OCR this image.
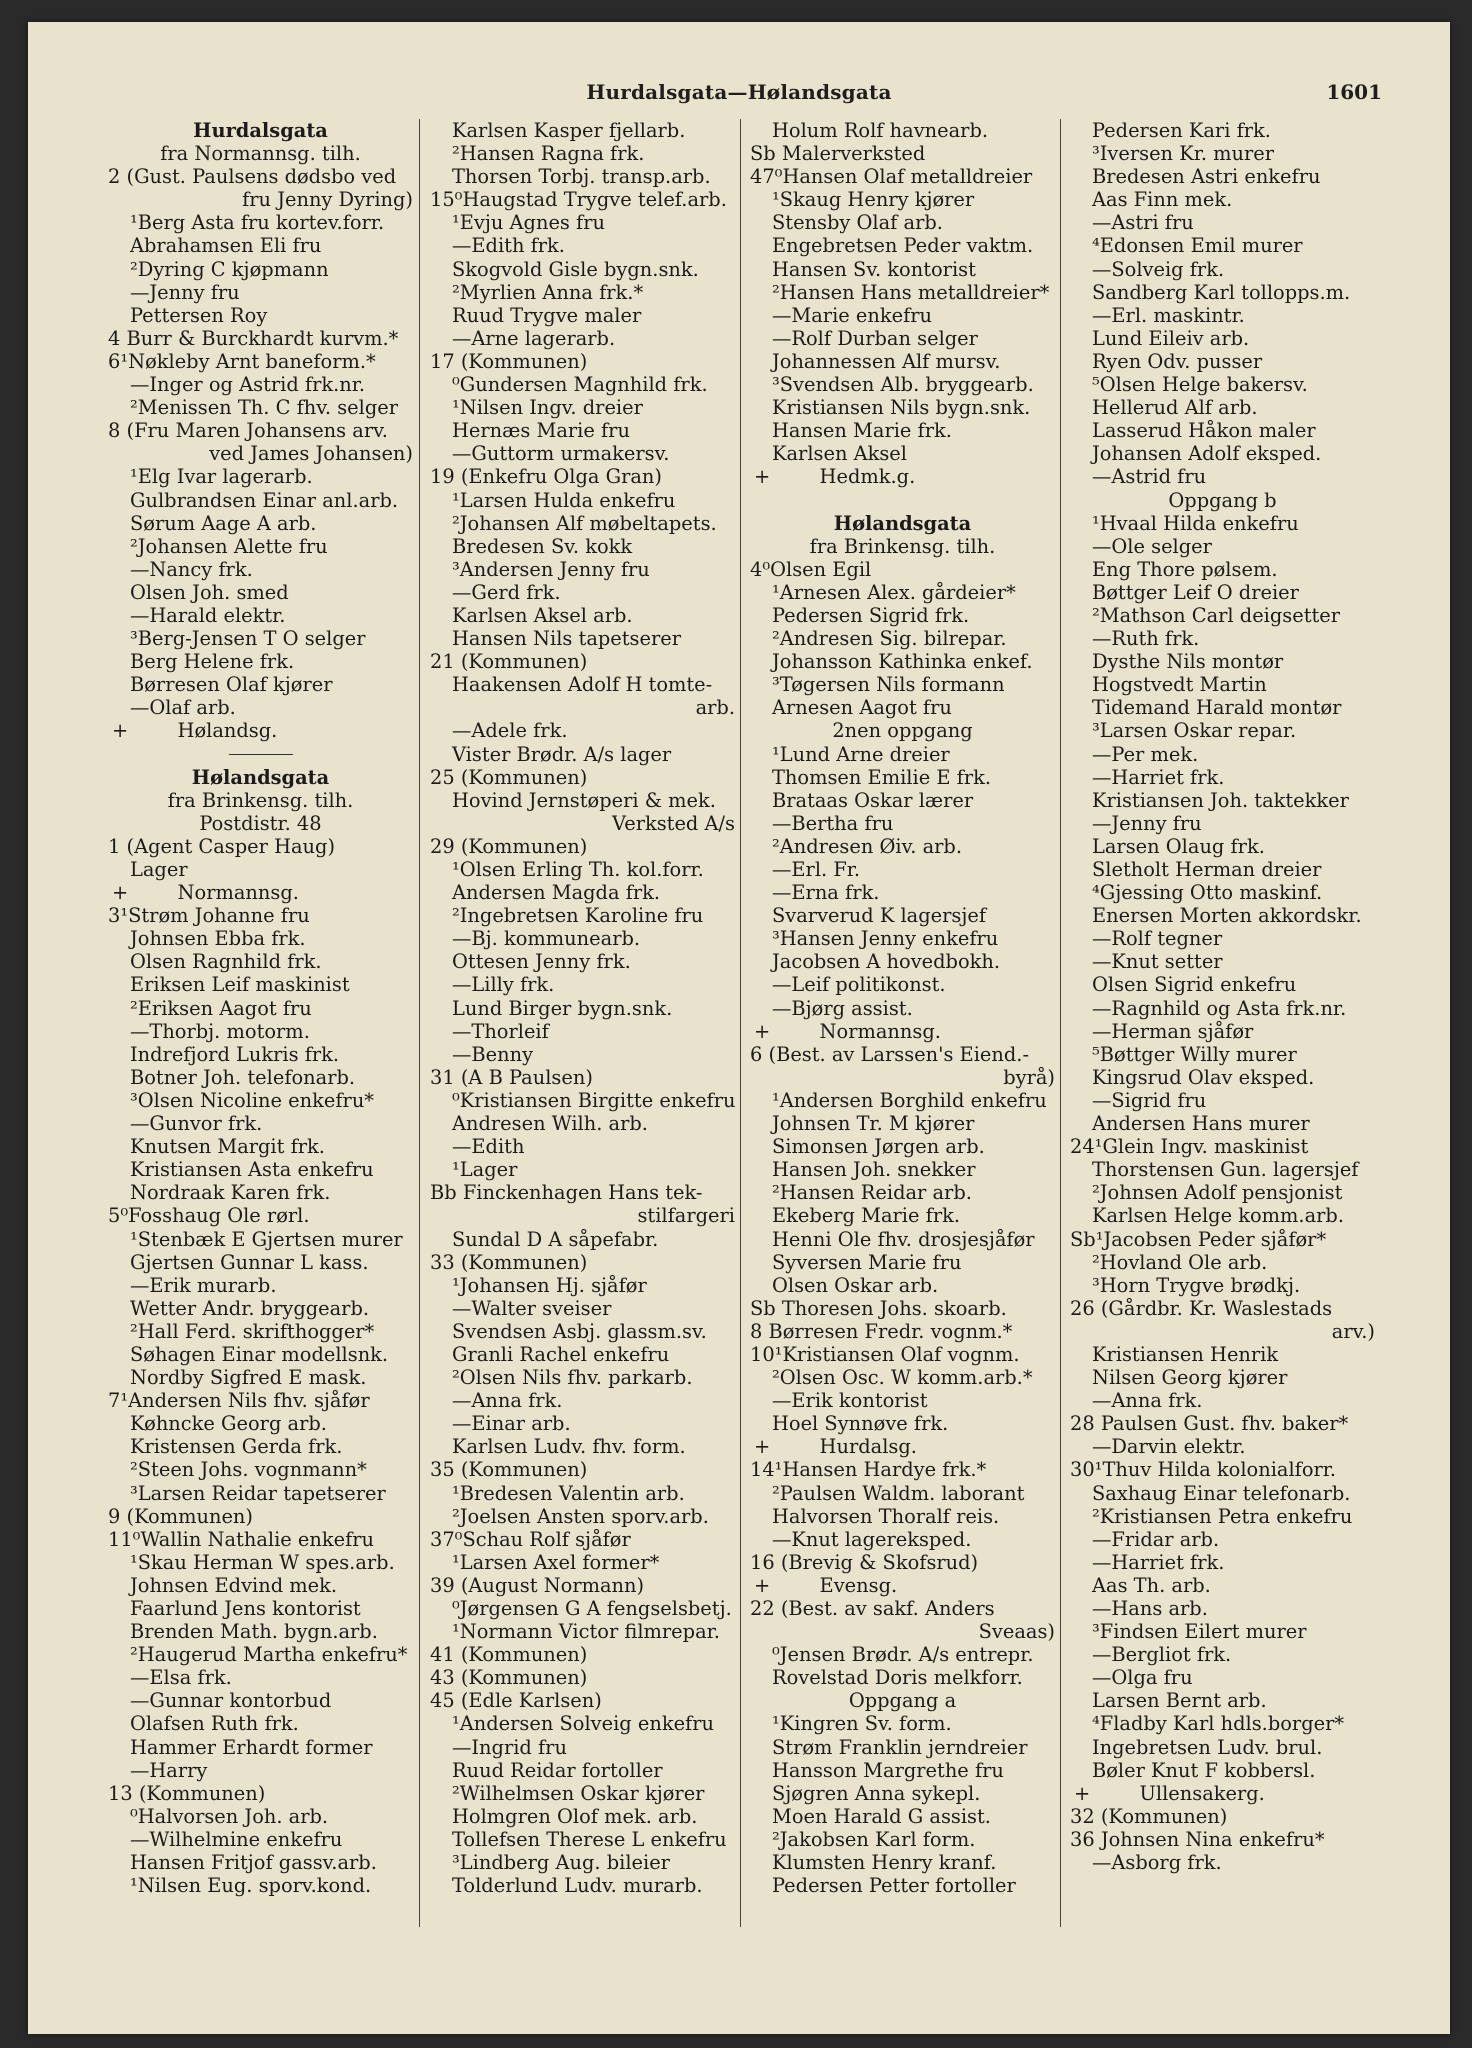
Hurdalsgata—Hølandsgata	1601
Hurdalsgata
fra Normannsg. tilh.
2 (Gust. Paulsens dødsbo ved
fru Jenny Dyring)
¹Berg Asta fru kortev.forr.
Abrahamsen Eli fru
²Dyring C kjøpmann
—Jenny fru
Pettersen Roy
4 Burr & Burckhardt kurvm.*
6¹Nøkleby Arnt baneform.*
—Inger og Astrid frk.nr.
²Menissen Th. C fhv. selger
8 (Fru Maren Johansens arv.
ved James Johansen)
¹Elg Ivar lagerarb.
Gulbrandsen Einar anl.arb.
Sørum Aage A arb.
²Johansen Alette fru
—Nancy frk.
Olsen Joh. smed
—Harald elektr.
³Berg-Jensen T O selger
Berg Helene frk.
Børresen Olaf kjører
—Olaf arb.
+        Hølandsg.
Hølandsgata
fra Brinkensg. tilh.
Postdistr. 48
1 (Agent Casper Haug)
Lager
+        Normannsg.
3¹Strøm Johanne fru
Johnsen Ebba frk.
Olsen Ragnhild frk.
Eriksen Leif maskinist
²Eriksen Aagot fru
—Thorbj. motorm.
Indrefjord Lukris frk.
Botner Joh. telefonarb.
³Olsen Nicoline enkefru*
—Gunvor frk.
Knutsen Margit frk.
Kristiansen Asta enkefru
Nordraak Karen frk.
5⁰Fosshaug Ole rørl.
¹Stenbæk E Gjertsen murer
Gjertsen Gunnar L kass.
—Erik murarb.
Wetter Andr. bryggearb.
²Hall Ferd. skrifthogger*
Søhagen Einar modellsnk.
Nordby Sigfred E mask.
7¹Andersen Nils fhv. sjåfør
Køhncke Georg arb.
Kristensen Gerda frk.
²Steen Johs. vognmann*
³Larsen Reidar tapetserer
9 (Kommunen)
11⁰Wallin Nathalie enkefru
¹Skau Herman W spes.arb.
Johnsen Edvind mek.
Faarlund Jens kontorist
Brenden Math. bygn.arb.
²Haugerud Martha enkefru*
—Elsa frk.
—Gunnar kontorbud
Olafsen Ruth frk.
Hammer Erhardt former
—Harry
13 (Kommunen)
⁰Halvorsen Joh. arb.
—Wilhelmine enkefru
Hansen Fritjof gassv.arb.
¹Nilsen Eug. sporv.kond.
Karlsen Kasper fjellarb.
²Hansen Ragna frk.
Thorsen Torbj. transp.arb.
15⁰Haugstad Trygve telef.arb.
¹Evju Agnes fru
—Edith frk.
Skogvold Gisle bygn.snk.
²Myrlien Anna frk.*
Ruud Trygve maler
—Arne lagerarb.
17 (Kommunen)
⁰Gundersen Magnhild frk.
¹Nilsen Ingv. dreier
Hernæs Marie fru
—Guttorm urmakersv.
19 (Enkefru Olga Gran)
¹Larsen Hulda enkefru
²Johansen Alf møbeltapets.
Bredesen Sv. kokk
³Andersen Jenny fru
—Gerd frk.
Karlsen Aksel arb.
Hansen Nils tapetserer
21 (Kommunen)
Haakensen Adolf H tomte-
arb.
—Adele frk.
Vister Brødr. A/s lager
25 (Kommunen)
Hovind Jernstøperi & mek.
Verksted A/s
29 (Kommunen)
¹Olsen Erling Th. kol.forr.
Andersen Magda frk.
²Ingebretsen Karoline fru
—Bj. kommunearb.
Ottesen Jenny frk.
—Lilly frk.
Lund Birger bygn.snk.
—Thorleif
—Benny
31 (A B Paulsen)
⁰Kristiansen Birgitte enkefru
Andresen Wilh. arb.
—Edith
¹Lager
Bb Finckenhagen Hans tek-
stilfargeri
Sundal D A såpefabr.
33 (Kommunen)
¹Johansen Hj. sjåfør
—Walter sveiser
Svendsen Asbj. glassm.sv.
Granli Rachel enkefru
²Olsen Nils fhv. parkarb.
—Anna frk.
—Einar arb.
Karlsen Ludv. fhv. form.
35 (Kommunen)
¹Bredesen Valentin arb.
²Joelsen Ansten sporv.arb.
37⁰Schau Rolf sjåfør
¹Larsen Axel former*
39 (August Normann)
⁰Jørgensen G A fengselsbetj.
¹Normann Victor filmrepar.
41 (Kommunen)
43 (Kommunen)
45 (Edle Karlsen)
¹Andersen Solveig enkefru
—Ingrid fru
Ruud Reidar fortoller
²Wilhelmsen Oskar kjører
Holmgren Olof mek. arb.
Tollefsen Therese L enkefru
³Lindberg Aug. bileier
Tolderlund Ludv. murarb.
Holum Rolf havnearb.
Sb Malerverksted
47⁰Hansen Olaf metalldreier
¹Skaug Henry kjører
Stensby Olaf arb.
Engebretsen Peder vaktm.
Hansen Sv. kontorist
²Hansen Hans metalldreier*
—Marie enkefru
—Rolf Durban selger
Johannessen Alf mursv.
³Svendsen Alb. bryggearb.
Kristiansen Nils bygn.snk.
Hansen Marie frk.
Karlsen Aksel
+        Hedmk.g.
Hølandsgata
fra Brinkensg. tilh.
4⁰Olsen Egil
¹Arnesen Alex. gårdeier*
Pedersen Sigrid frk.
²Andresen Sig. bilrepar.
Johansson Kathinka enkef.
³Tøgersen Nils formann
Arnesen Aagot fru
2nen oppgang
¹Lund Arne dreier
Thomsen Emilie E frk.
Brataas Oskar lærer
—Bertha fru
²Andresen Øiv. arb.
—Erl. Fr.
—Erna frk.
Svarverud K lagersjef
³Hansen Jenny enkefru
Jacobsen A hovedbokh.
—Leif politikonst.
—Bjørg assist.
+        Normannsg.
6 (Best. av Larssen's Eiend.-
byrå)
¹Andersen Borghild enkefru
Johnsen Tr. M kjører
Simonsen Jørgen arb.
Hansen Joh. snekker
²Hansen Reidar arb.
Ekeberg Marie frk.
Henni Ole fhv. drosjesjåfør
Syversen Marie fru
Olsen Oskar arb.
Sb Thoresen Johs. skoarb.
8 Børresen Fredr. vognm.*
10¹Kristiansen Olaf vognm.
²Olsen Osc. W komm.arb.*
—Erik kontorist
Hoel Synnøve frk.
+        Hurdalsg.
14¹Hansen Hardye frk.*
²Paulsen Waldm. laborant
Halvorsen Thoralf reis.
—Knut lagerekspеd.
16 (Brevig & Skofsrud)
+        Evensg.
22 (Best. av sakf. Anders
Sveaas)
⁰Jensen Brødr. A/s entrepr.
Rovelstad Doris melkforr.
Oppgang a
¹Kingren Sv. form.
Strøm Franklin jerndreier
Hansson Margrethe fru
Sjøgren Anna sykepl.
Moen Harald G assist.
²Jakobsen Karl form.
Klumsten Henry kranf.
Pedersen Petter fortoller
Pedersen Kari frk.
³Iversen Kr. murer
Bredesen Astri enkefru
Aas Finn mek.
—Astri fru
⁴Edonsen Emil murer
—Solveig frk.
Sandberg Karl tollopps.m.
—Erl. maskintr.
Lund Eileiv arb.
Ryen Odv. pusser
⁵Olsen Helge bakersv.
Hellerud Alf arb.
Lasserud Håkon maler
Johansen Adolf eksped.
—Astrid fru
Oppgang b
¹Hvaal Hilda enkefru
—Ole selger
Eng Thore pølsem.
Bøttger Leif O dreier
²Mathson Carl deigsetter
—Ruth frk.
Dysthe Nils montør
Hogstvedt Martin
Tidemand Harald montør
³Larsen Oskar repar.
—Per mek.
—Harriet frk.
Kristiansen Joh. taktekker
—Jenny fru
Larsen Olaug frk.
Sletholt Herman dreier
⁴Gjessing Otto maskinf.
Enersen Morten akkordskr.
—Rolf tegner
—Knut setter
Olsen Sigrid enkefru
—Ragnhild og Asta frk.nr.
—Herman sjåfør
⁵Bøttger Willy murer
Kingsrud Olav eksped.
—Sigrid fru
Andersen Hans murer
24¹Glein Ingv. maskinist
Thorstensen Gun. lagersjef
²Johnsen Adolf pensjonist
Karlsen Helge komm.arb.
Sb¹Jacobsen Peder sjåfør*
²Hovland Ole arb.
³Horn Trygve brødkj.
26 (Gårdbr. Kr. Waslestads
arv.)
Kristiansen Henrik
Nilsen Georg kjører
—Anna frk.
28 Paulsen Gust. fhv. baker*
—Darvin elektr.
30¹Thuv Hilda kolonialforr.
Saxhaug Einar telefonarb.
²Kristiansen Petra enkefru
—Fridar arb.
—Harriet frk.
Aas Th. arb.
—Hans arb.
³Findsen Eilert murer
—Bergliot frk.
—Olga fru
Larsen Bernt arb.
⁴Fladby Karl hdls.borger*
Ingebretsen Ludv. brul.
Bøler Knut F kobbersl.
+        Ullensakerg.
32 (Kommunen)
36 Johnsen Nina enkefru*
—Asborg frk.
